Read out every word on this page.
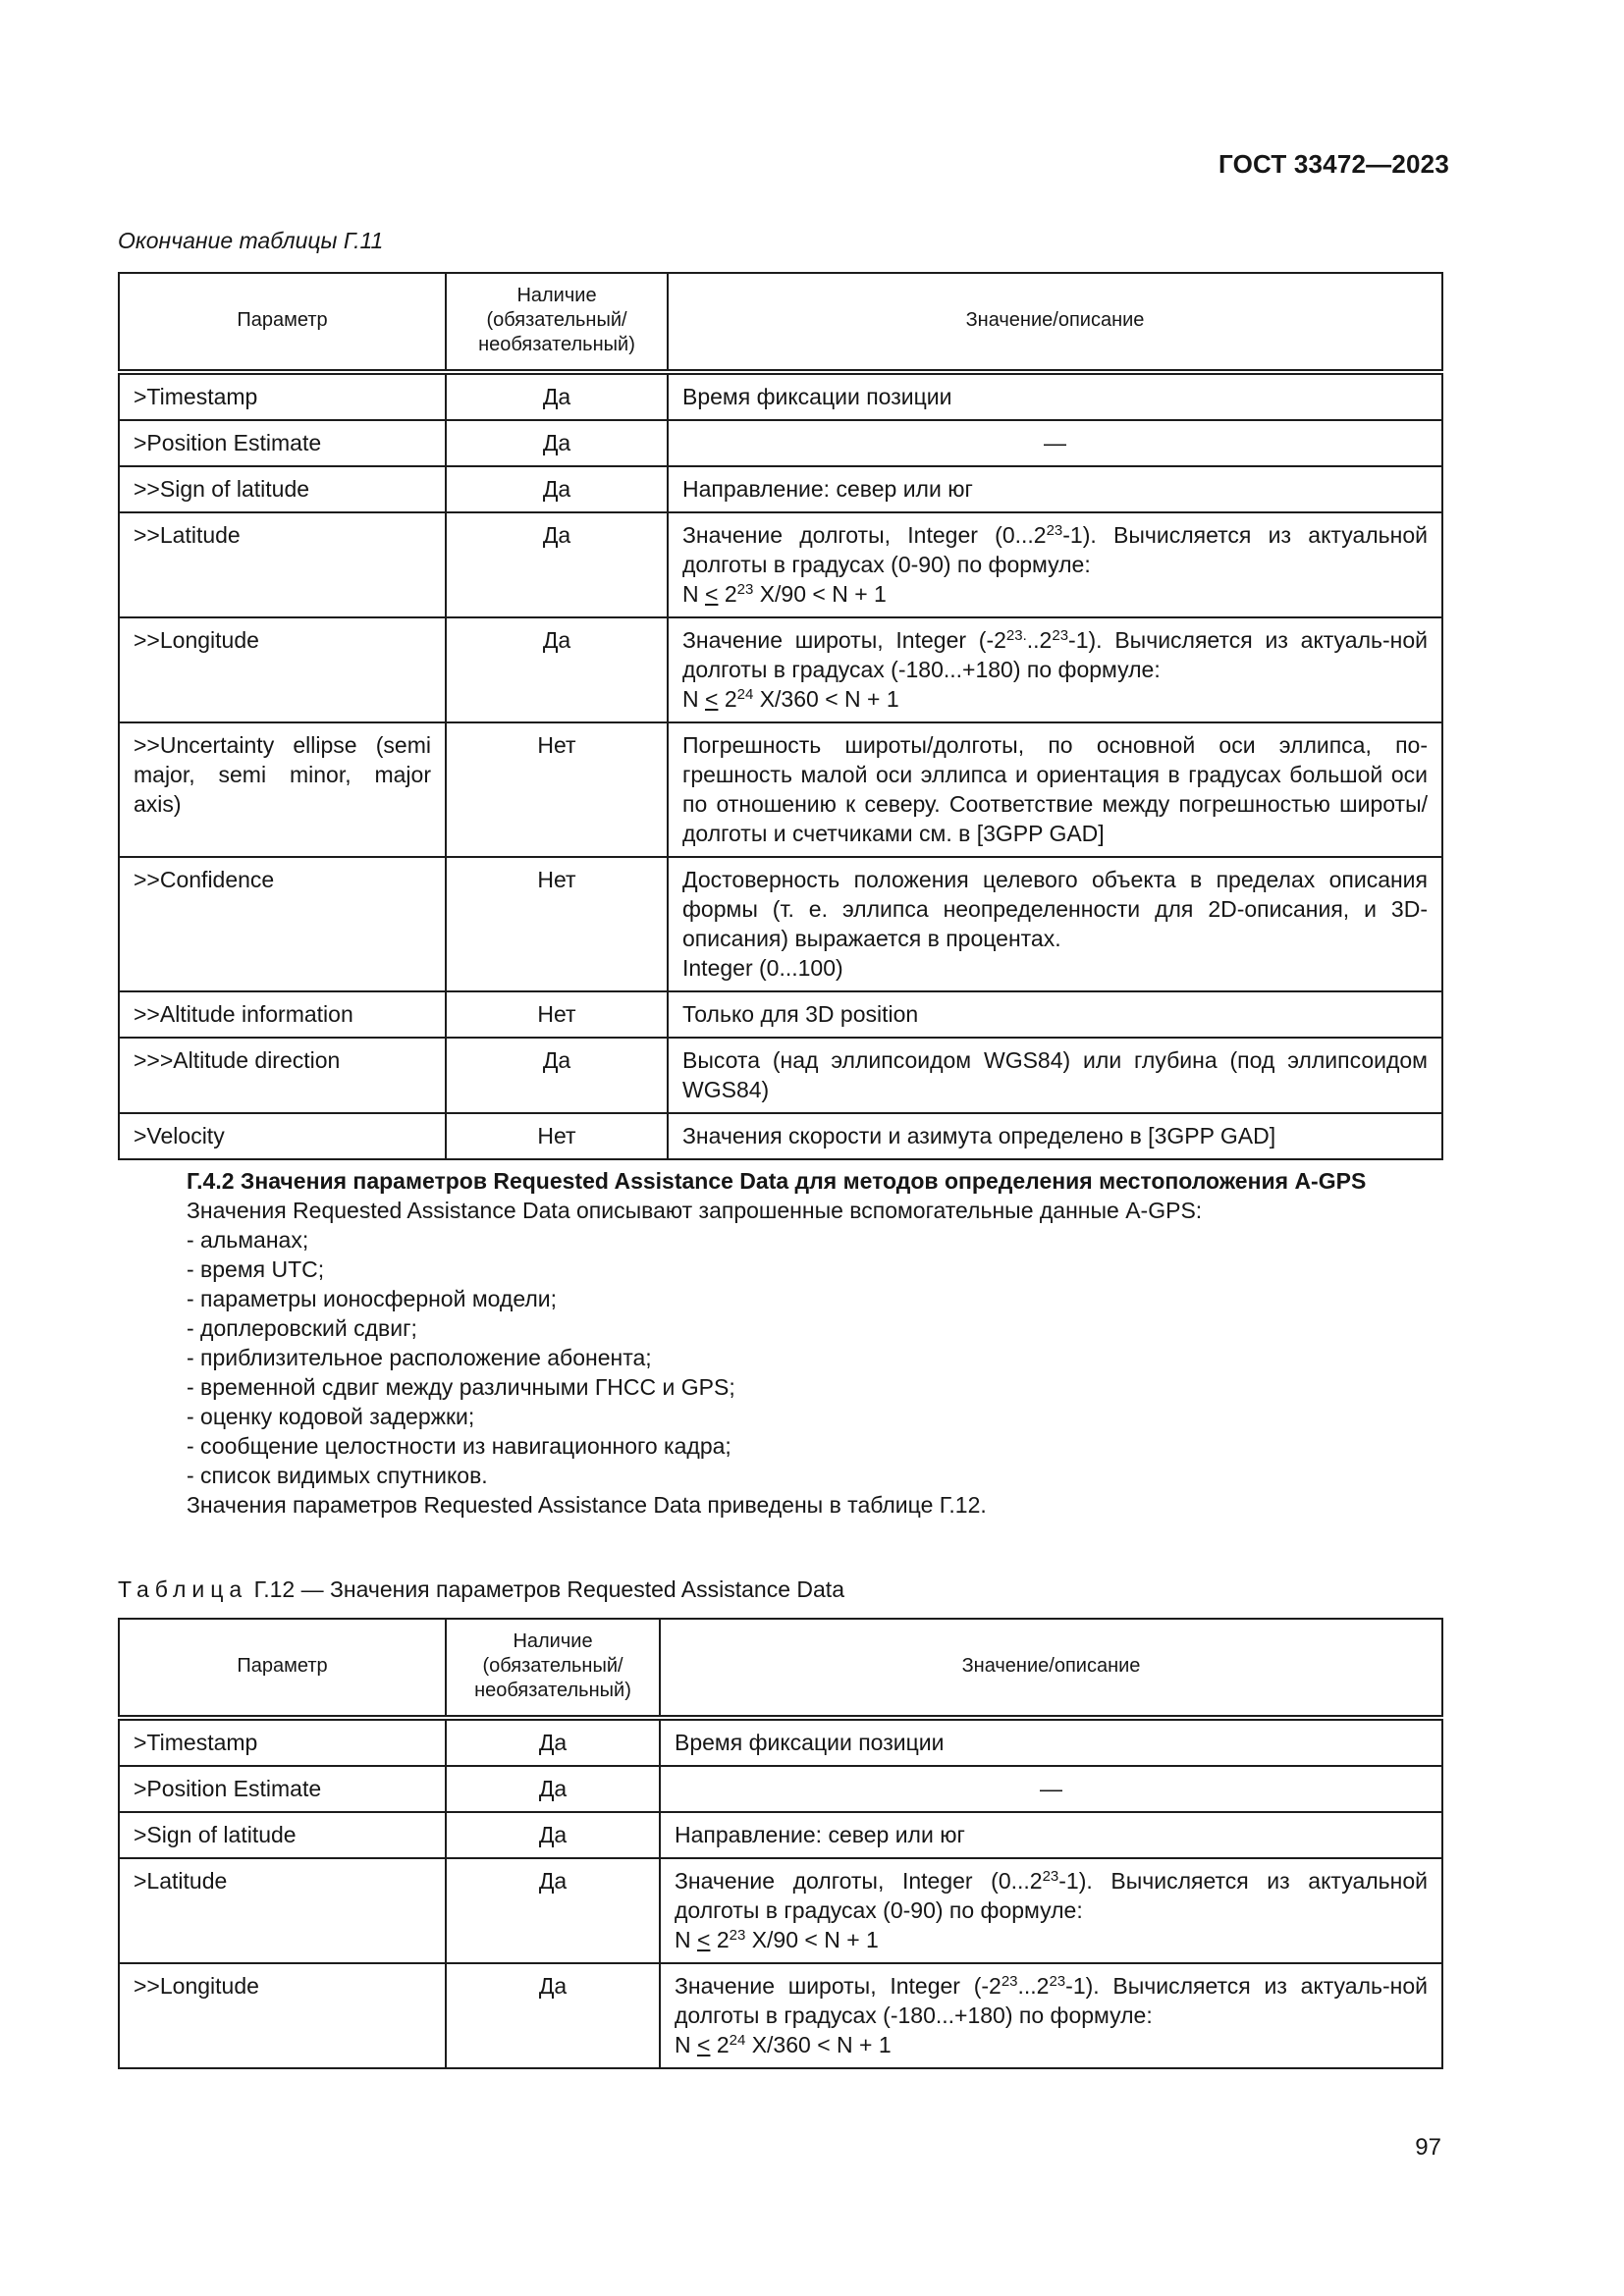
ГОСТ 33472—2023
Окончание таблицы Г.11
Параметр	Наличие (обязательный/ необязательный)	Значение/описание
>Timestamp	Да	Время фиксации позиции
>Position Estimate	Да	—
>>Sign of latitude	Да	Направление: север или юг
>>Latitude	Да	Значение долготы, Integer (0...2$^{23}$-1). Вычисляется из актуальной долготы в градусах (0-90) по формуле:
$N < 2^{23}$ X/90 < N + 1
>>Longitude	Да	Значение широты, Integer $(-2^{23.}..2^{23}-1)$. Вычисляется из актуаль-ной долготы в градусах (-180...+180) по формуле:
$N < 2^{24}$ X/360 < N + 1
>>Uncertainty ellipse (semi major, semi minor, major axis)	Нет	Погрешность широты/долготы, по основной оси эллипса, по-грешность малой оси эллипса и ориентация в градусах большой оси по отношению к северу. Соответствие между погрешностью широты/долготы и счетчиками см. в [3GPP GAD]
>>Confidence	Нет	Достоверность положения целевого объекта в пределах описания формы (т. е. эллипса неопределенности для 2D-описания, и 3D-описания) выражается в процентах.
Integer (0...100)
>>Altitude information	Нет	Только для 3D position
>>>Altitude direction	Да	Высота (над эллипсоидом WGS84) или глубина (под эллипсоидом WGS84)
>Velocity	Нет	Значения скорости и азимута определено в [3GPP GAD]
Г.4.2 Значения параметров Requested Assistance Data для методов определения местоположения A-GPS
Значения Requested Assistance Data описывают запрошенные вспомогательные данные A-GPS:
- альманах;
- время UTC;
- параметры ионосферной модели;
- доплеровский сдвиг;
- приблизительное расположение абонента;
- временной сдвиг между различными ГНСС и GPS;
- оценку кодовой задержки;
- сообщение целостности из навигационного кадра;
- список видимых спутников.
Значения параметров Requested Assistance Data приведены в таблице Г.12.
Таблица Г.12 — Значения параметров Requested Assistance Data
Параметр	Наличие (обязательный/ необязательный)	Значение/описание
>Timestamp	Да	Время фиксации позиции
>Position Estimate	Да	—
>Sign of latitude	Да	Направление: север или юг
>Latitude	Да	Значение долготы, Integer (0...2$^{23}$-1). Вычисляется из актуальной долготы в градусах (0-90) по формуле:
$N < 2^{23}$ X/90 < N + 1
>>Longitude	Да	Значение широты, Integer $(-2^{23}...2^{23}-1)$. Вычисляется из актуаль-ной долготы в градусах (-180...+180) по формуле:
$N < 2^{24}$ X/360 < N + 1
97
